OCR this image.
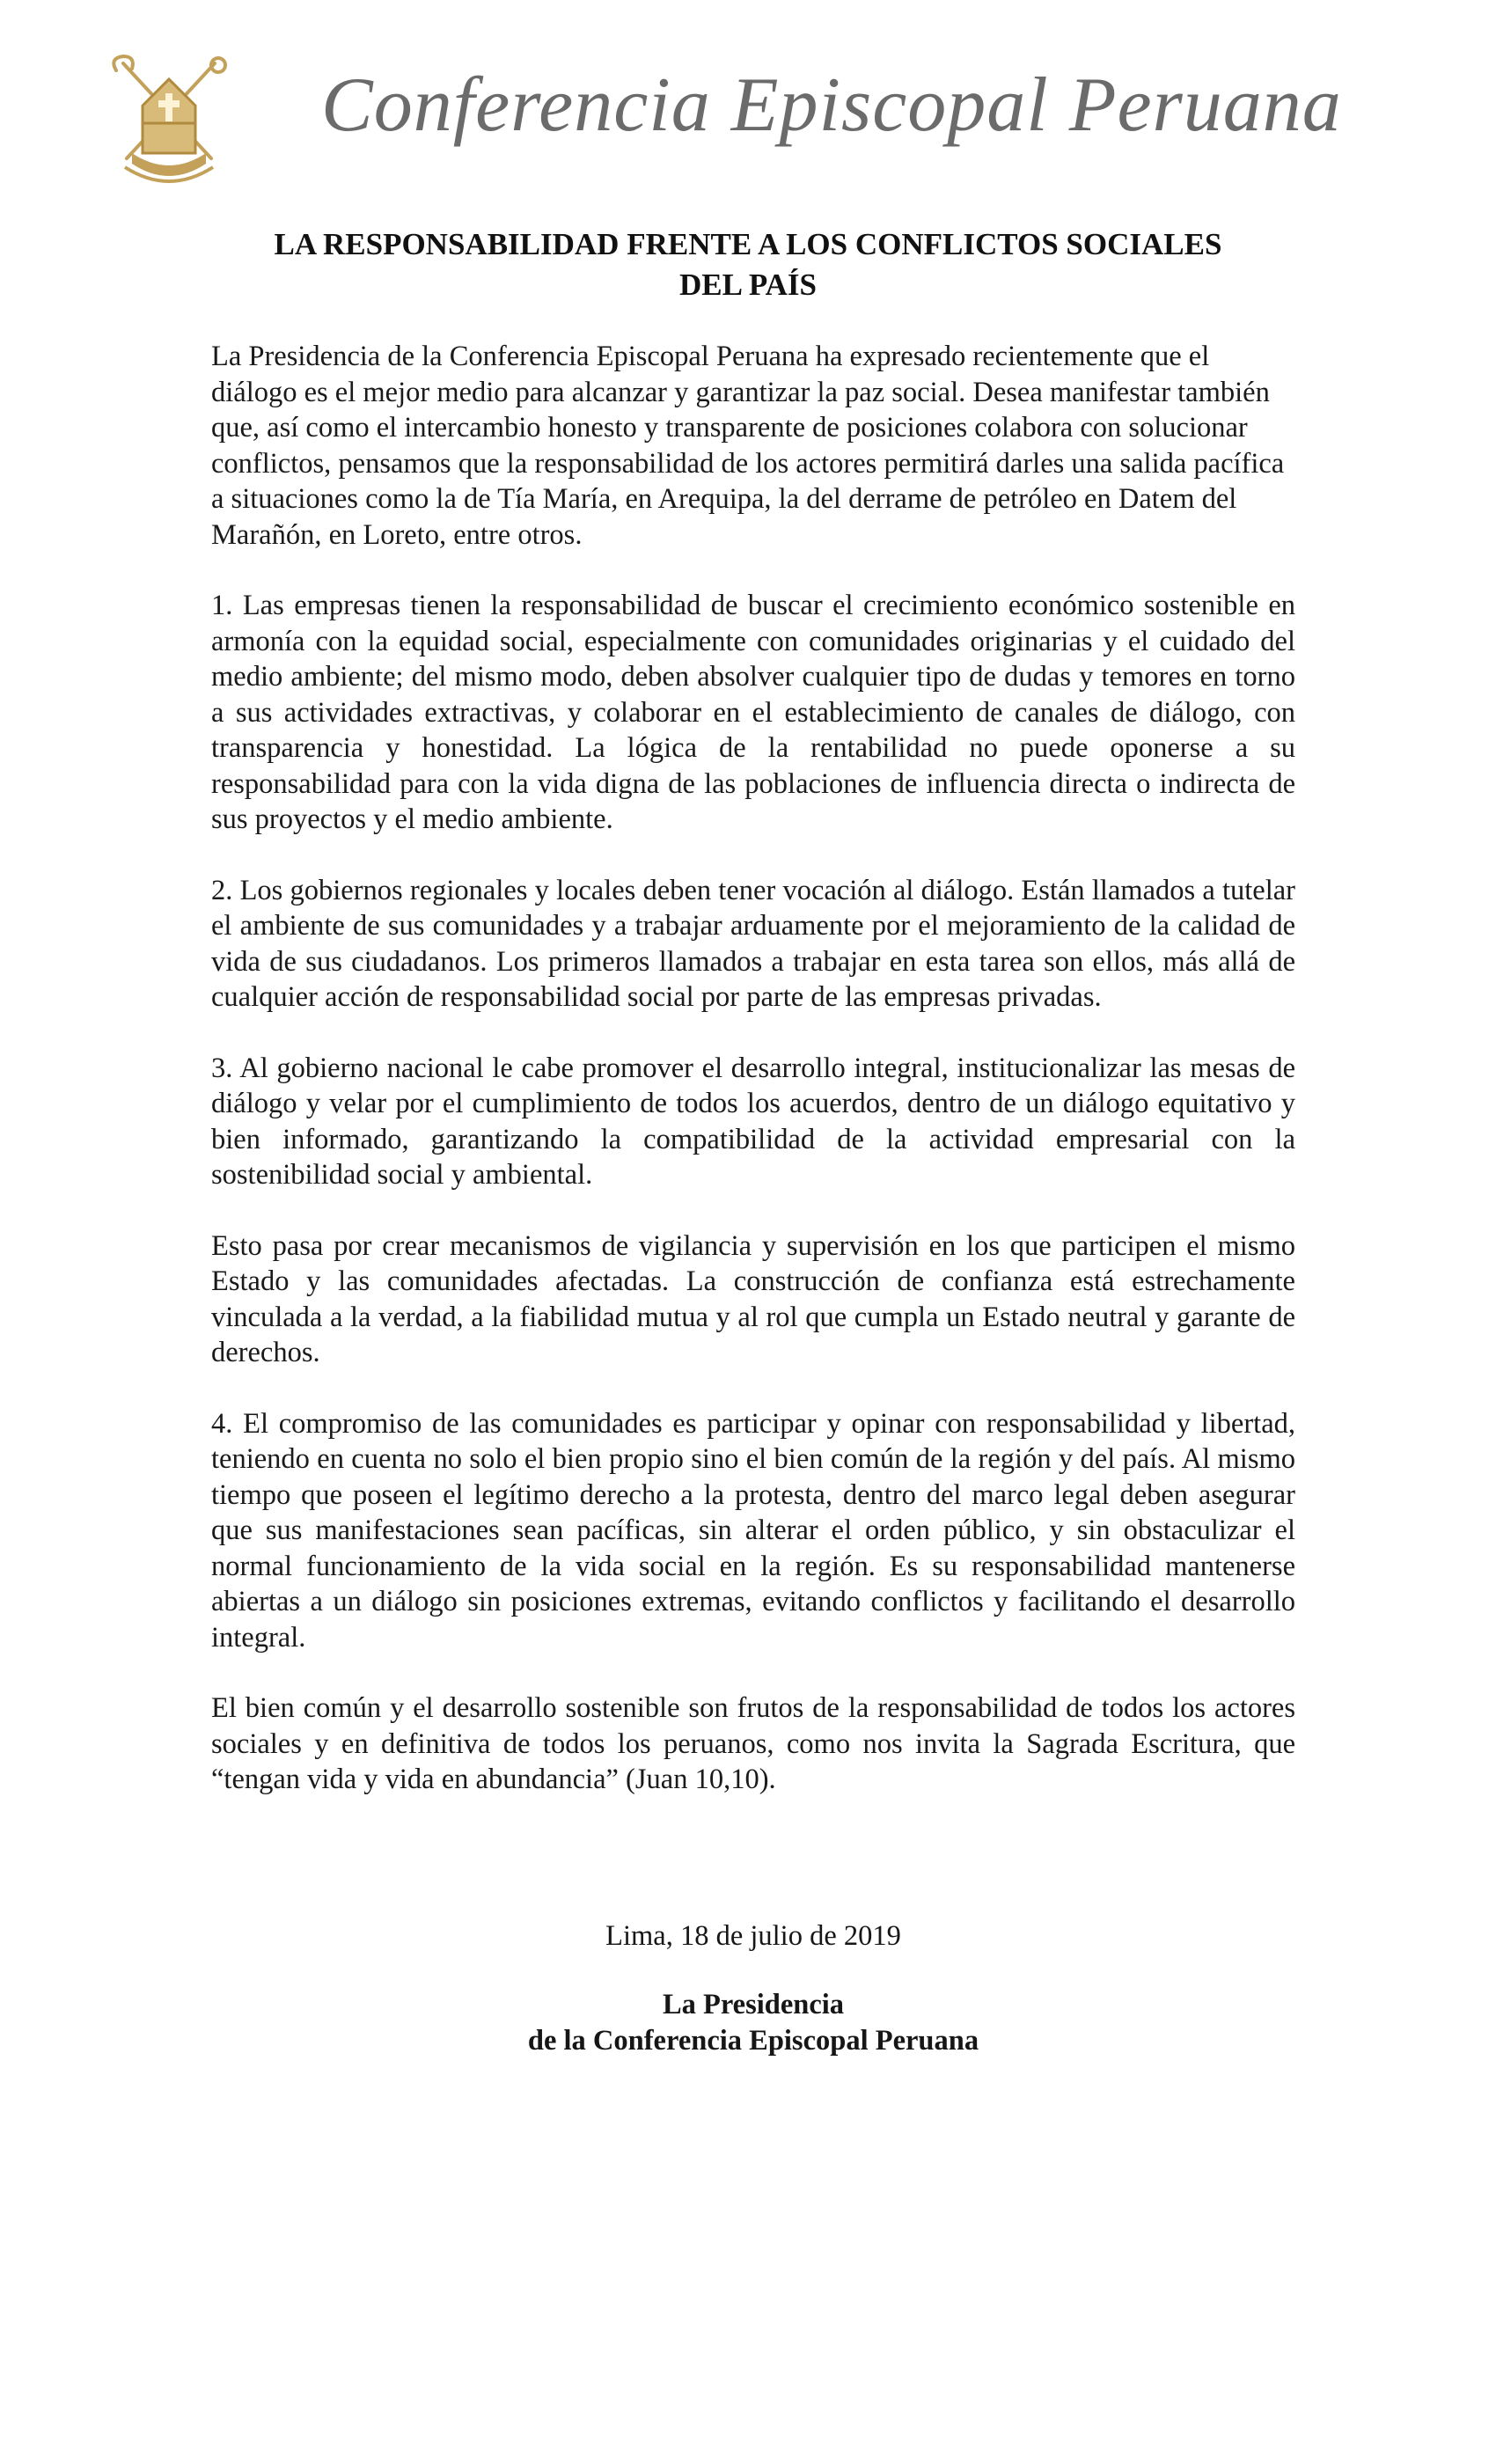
Conferencia Episcopal Peruana
LA RESPONSABILIDAD FRENTE A LOS CONFLICTOS SOCIALES
DEL PAÍS

La Presidencia de la Conferencia Episcopal Peruana ha expresado recientemente que el diálogo es el mejor medio para alcanzar y garantizar la paz social. Desea manifestar también que, así como el intercambio honesto y transparente de posiciones colabora con solucionar conflictos, pensamos que la responsabilidad de los actores permitirá darles una salida pacífica a situaciones como la de Tía María, en Arequipa, la del derrame de petróleo en Datem del Marañón, en Loreto, entre otros.

1. Las empresas tienen la responsabilidad de buscar el crecimiento económico sostenible en armonía con la equidad social, especialmente con comunidades originarias y el cuidado del medio ambiente; del mismo modo, deben absolver cualquier tipo de dudas y temores en torno a sus actividades extractivas, y colaborar en el establecimiento de canales de diálogo, con transparencia y honestidad. La lógica de la rentabilidad no puede oponerse a su responsabilidad para con la vida digna de las poblaciones de influencia directa o indirecta de sus proyectos y el medio ambiente.

2. Los gobiernos regionales y locales deben tener vocación al diálogo. Están llamados a tutelar el ambiente de sus comunidades y a trabajar arduamente por el mejoramiento de la calidad de vida de sus ciudadanos. Los primeros llamados a trabajar en esta tarea son ellos, más allá de cualquier acción de responsabilidad social por parte de las empresas privadas.

3. Al gobierno nacional le cabe promover el desarrollo integral, institucionalizar las mesas de diálogo y velar por el cumplimiento de todos los acuerdos, dentro de un diálogo equitativo y bien informado, garantizando la compatibilidad de la actividad empresarial con la sostenibilidad social y ambiental.

Esto pasa por crear mecanismos de vigilancia y supervisión en los que participen el mismo Estado y las comunidades afectadas. La construcción de confianza está estrechamente vinculada a la verdad, a la fiabilidad mutua y al rol que cumpla un Estado neutral y garante de derechos.

4. El compromiso de las comunidades es participar y opinar con responsabilidad y libertad, teniendo en cuenta no solo el bien propio sino el bien común de la región y del país. Al mismo tiempo que poseen el legítimo derecho a la protesta, dentro del marco legal deben asegurar que sus manifestaciones sean pacíficas, sin alterar el orden público, y sin obstaculizar el normal funcionamiento de la vida social en la región. Es su responsabilidad mantenerse abiertas a un diálogo sin posiciones extremas, evitando conflictos y facilitando el desarrollo integral.

El bien común y el desarrollo sostenible son frutos de la responsabilidad de todos los actores sociales y en definitiva de todos los peruanos, como nos invita la Sagrada Escritura, que “tengan vida y vida en abundancia” (Juan 10,10).

Lima, 18 de julio de 2019
La Presidencia
de la Conferencia Episcopal Peruana
